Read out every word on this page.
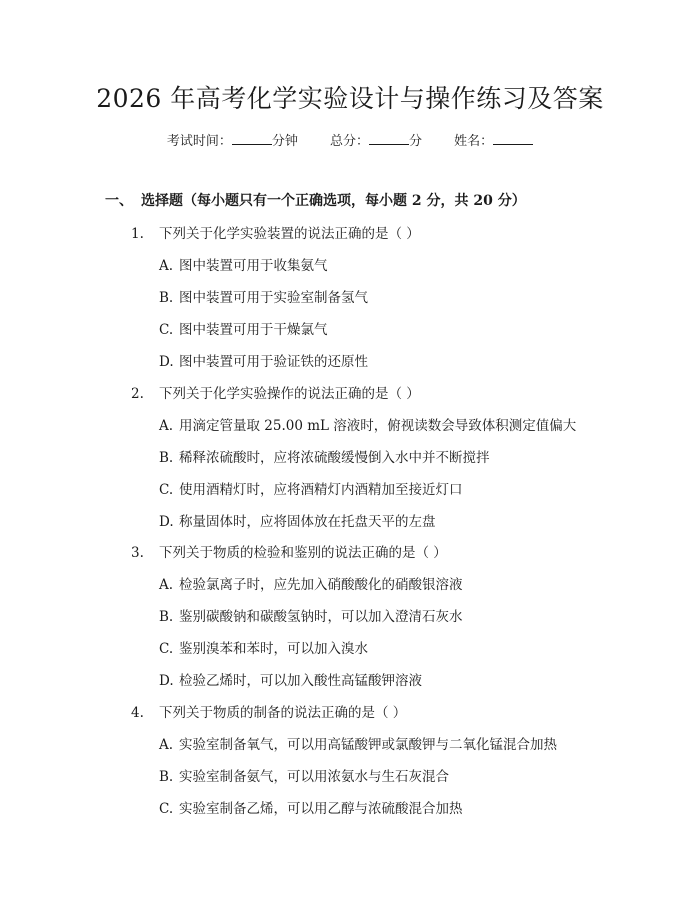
2026 年高考化学实验设计与操作练习及答案
考试时间：	分钟 总分：	分 姓名：
一、 选择题（每小题只有一个正确选项，每小题 2 分，共 20 分）
1. 下列关于化学实验装置的说法正确的是（ ）
A. 图中装置可用于收集氨气
B. 图中装置可用于实验室制备氢气
C. 图中装置可用于干燥氯气
D. 图中装置可用于验证铁的还原性
2. 下列关于化学实验操作的说法正确的是（ ）
A. 用滴定管量取 25.00 mL 溶液时，俯视读数会导致体积测定值偏大
B. 稀释浓硫酸时，应将浓硫酸缓慢倒入水中并不断搅拌
C. 使用酒精灯时，应将酒精灯内酒精加至接近灯口
D. 称量固体时，应将固体放在托盘天平的左盘
3. 下列关于物质的检验和鉴别的说法正确的是（ ）
A. 检验氯离子时，应先加入硝酸酸化的硝酸银溶液
B. 鉴别碳酸钠和碳酸氢钠时，可以加入澄清石灰水
C. 鉴别溴苯和苯时，可以加入溴水
D. 检验乙烯时，可以加入酸性高锰酸钾溶液
4. 下列关于物质的制备的说法正确的是（ ）
A. 实验室制备氧气，可以用高锰酸钾或氯酸钾与二氧化锰混合加热
B. 实验室制备氨气，可以用浓氨水与生石灰混合
C. 实验室制备乙烯，可以用乙醇与浓硫酸混合加热
